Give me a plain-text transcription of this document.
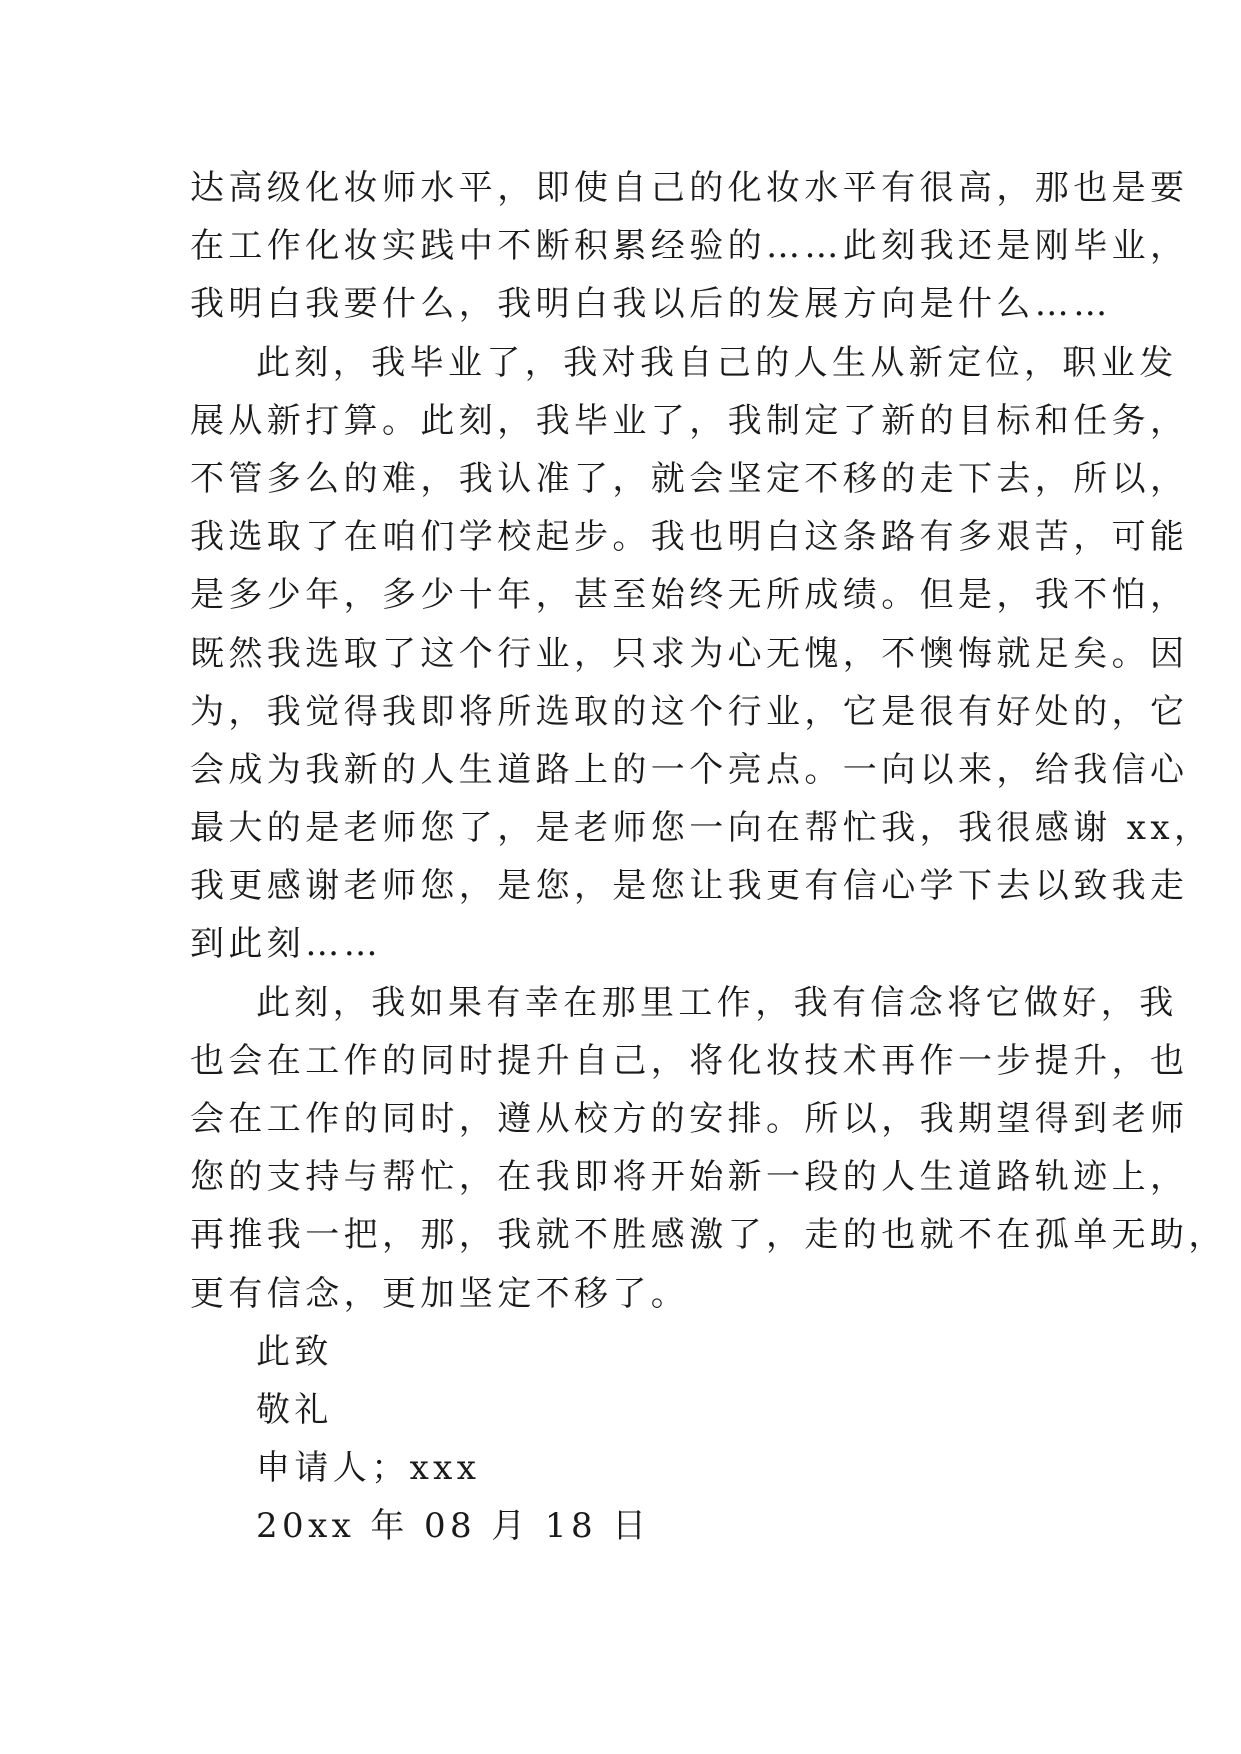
达高级化妆师水平，即使自己的化妆水平有很高，那也是要

在工作化妆实践中不断积累经验的……此刻我还是刚毕业，

我明白我要什么，我明白我以后的发展方向是什么……

此刻，我毕业了，我对我自己的人生从新定位，职业发

展从新打算。此刻，我毕业了，我制定了新的目标和任务，

不管多么的难，我认准了，就会坚定不移的走下去，所以，

我选取了在咱们学校起步。我也明白这条路有多艰苦，可能

是多少年，多少十年，甚至始终无所成绩。但是，我不怕，

既然我选取了这个行业，只求为心无愧，不懊悔就足矣。因

为，我觉得我即将所选取的这个行业，它是很有好处的，它

会成为我新的人生道路上的一个亮点。一向以来，给我信心

最大的是老师您了，是老师您一向在帮忙我，我很感谢 xx，

我更感谢老师您，是您，是您让我更有信心学下去以致我走

到此刻……

此刻，我如果有幸在那里工作，我有信念将它做好，我

也会在工作的同时提升自己，将化妆技术再作一步提升，也

会在工作的同时，遵从校方的安排。所以，我期望得到老师

您的支持与帮忙，在我即将开始新一段的人生道路轨迹上，

再推我一把，那，我就不胜感激了，走的也就不在孤单无助，

更有信念，更加坚定不移了。

此致

敬礼

申请人；xxx

20xx 年 08 月 18 日
